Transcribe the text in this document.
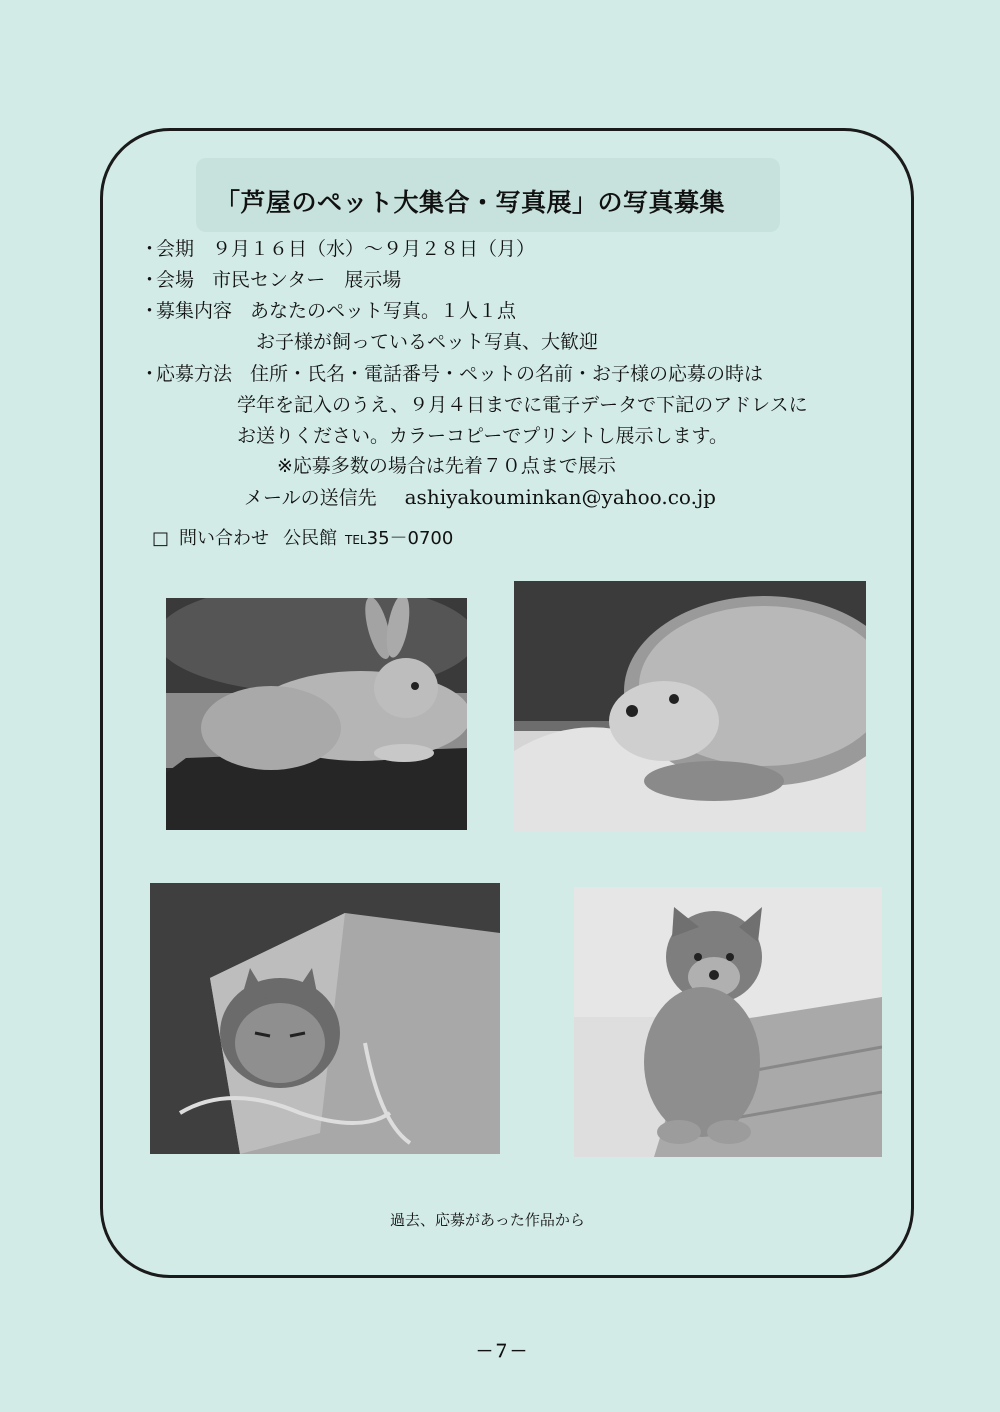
「芦屋のペット大集合・写真展」の写真募集
・会期 ９月１６日（水）～９月２８日（月）
・会場 市民センター　展示場
・募集内容 あなたのペット写真。１人１点
お子様が飼っているペット写真、大歓迎
・応募方法 住所・氏名・電話番号・ペットの名前・お子様の応募の時は
学年を記入のうえ、９月４日までに電子データで下記のアドレスに
お送りください。カラーコピーでプリントし展示します。
※応募多数の場合は先着７０点まで展示
メールの送信先 ashiyakouminkan@yahoo.co.jp
□ 問い合わせ 公民館 TEL35－0700
過去、応募があった作品から
－７－
